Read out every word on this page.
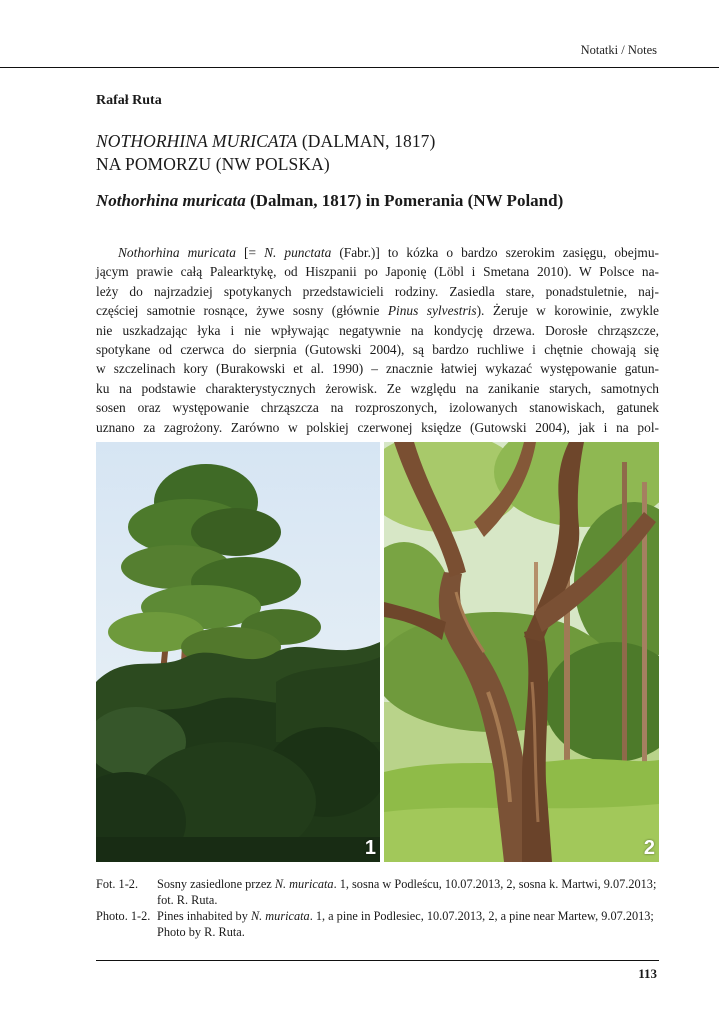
Notatki / Notes
Rafał Ruta
NOTHORHINA MURICATA (DALMAN, 1817)
NA POMORZU (NW POLSKA)
Nothorhina muricata (Dalman, 1817) in Pomerania (NW Poland)
Nothorhina muricata [= N. punctata (Fabr.)] to kózka o bardzo szerokim zasięgu, obejmu-
jącym prawie całą Palearktykę, od Hiszpanii po Japonię (Löbl i Smetana 2010). W Polsce na-
leży do najrzadziej spotykanych przedstawicieli rodziny. Zasiedla stare, ponadstuletnie, naj-
częściej samotnie rosnące, żywe sosny (głównie Pinus sylvestris). Żeruje w korowinie, zwykle
nie uszkadzając łyka i nie wpływając negatywnie na kondycję drzewa. Dorosłe chrząszcze,
spotykane od czerwca do sierpnia (Gutowski 2004), są bardzo ruchliwe i chętnie chowają się
w szczelinach kory (Burakowski et al. 1990) – znacznie łatwiej wykazać występowanie gatun-
ku na podstawie charakterystycznych żerowisk. Ze względu na zanikanie starych, samotnych
sosen oraz występowanie chrząszcza na rozproszonych, izolowanych stanowiskach, gatunek
uznano za zagrożony. Zarówno w polskiej czerwonej księdze (Gutowski 2004), jak i na pol-
1	2
Fot. 1-2.	Sosny zasiedlone przez N. muricata. 1, sosna w Podleścu, 10.07.2013, 2, sosna k. Martwi, 9.07.2013; fot. R. Ruta.
Photo. 1-2. Pines inhabited by N. muricata. 1, a pine in Podlesiec, 10.07.2013, 2, a pine near Martew, 9.07.2013; Photo by R. Ruta.
113
